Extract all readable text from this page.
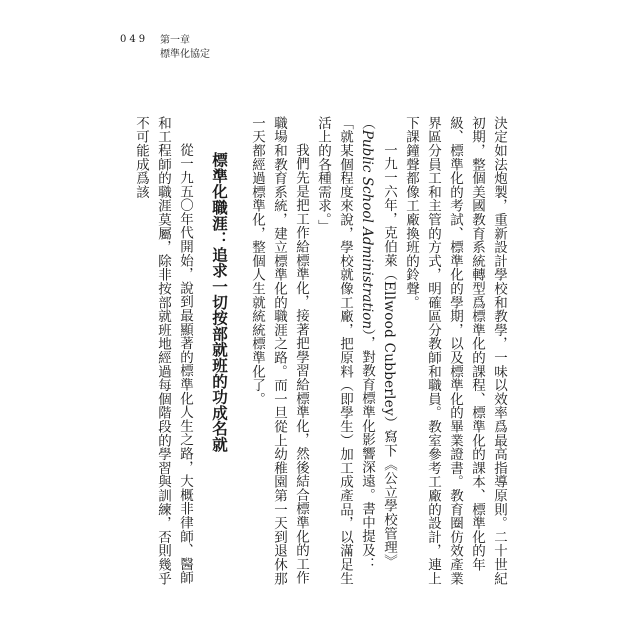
049 第一章
標準化協定

決定如法炮製，重新設計學校和教學，一味以效率爲最高指導原則。二十世紀初期，整個美國教育系統轉型爲標準化的課程、標準化的課本、標準化的年級、標準化的考試、標準化的學期，以及標準化的畢業證書。教育圈仿效產業界區分員工和主管的方式，明確區分教師和職員。教室參考工廠的設計，連上下課鐘聲都像工廠換班的鈴聲。

一九一六年，克伯萊（Ellwood Cubberley）寫下《公立學校管理》（Public School Administration），對教育標準化影響深遠。書中提及：「就某個程度來說，學校就像工廠，把原料（即學生）加工成產品，以滿足生活上的各種需求。」

我們先是把工作給標準化，接著把學習給標準化，然後結合標準化的工作職場和教育系統，建立標準化的職涯之路。而一旦從上幼稚園第一天到退休那一天都經過標準化，整個人生就統統標準化了。

標準化職涯：追求一切按部就班的功成名就

從一九五〇年代開始，說到最顯著的標準化人生之路，大概非律師、醫師和工程師的職涯莫屬，除非按部就班地經過每個階段的學習與訓練，否則幾乎不可能成爲該
